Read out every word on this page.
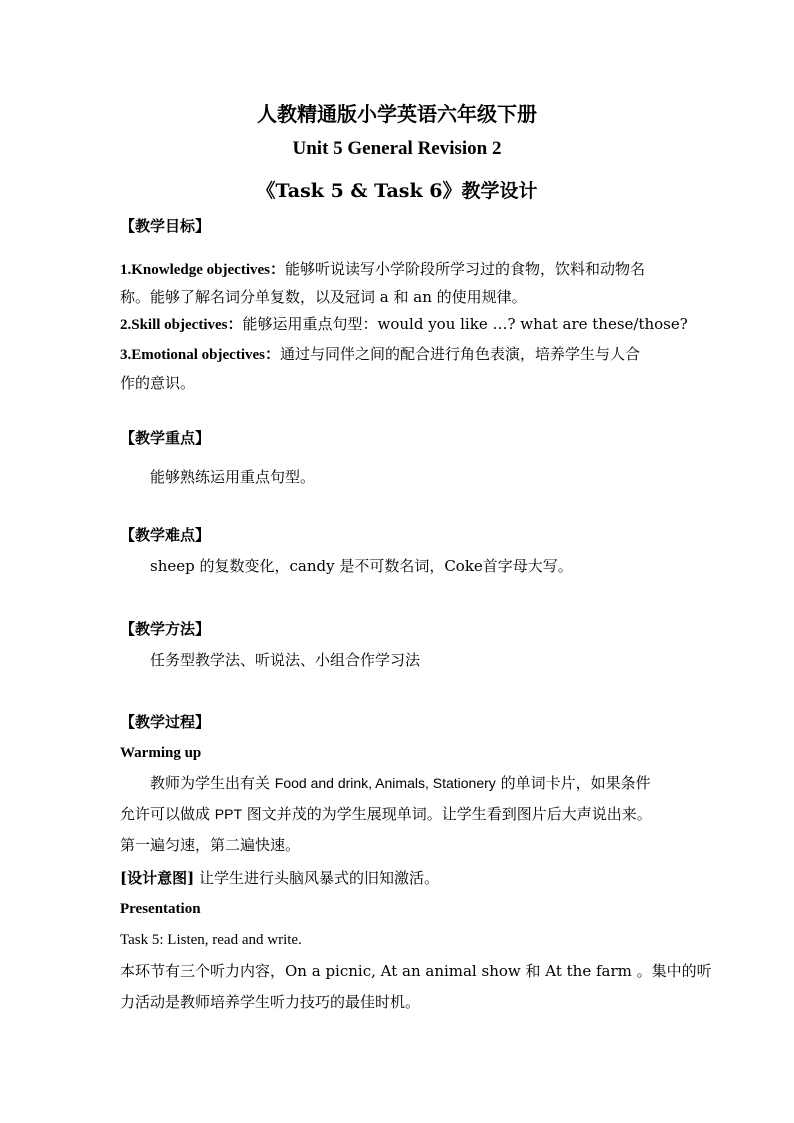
人教精通版小学英语六年级下册
Unit 5 General Revision 2
《Task 5 & Task 6》教学设计
【教学目标】
1.Knowledge objectives：能够听说读写小学阶段所学习过的食物，饮料和动物名
称。能够了解名词分单复数，以及冠词 a 和 an 的使用规律。
2.Skill objectives：能够运用重点句型：would you like …? what are these/those?
3.Emotional objectives：通过与同伴之间的配合进行角色表演，培养学生与人合
作的意识。
【教学重点】
能够熟练运用重点句型。
【教学难点】
sheep 的复数变化，candy 是不可数名词，Coke首字母大写。
【教学方法】
任务型教学法、听说法、小组合作学习法
【教学过程】
Warming up
教师为学生出有关 Food and drink, Animals, Stationery 的单词卡片，如果条件
允许可以做成 PPT 图文并茂的为学生展现单词。让学生看到图片后大声说出来。
第一遍匀速，第二遍快速。
[设计意图] 让学生进行头脑风暴式的旧知激活。
Presentation
Task 5: Listen, read and write.
本环节有三个听力内容，On a picnic, At an animal show 和 At the farm 。集中的听
力活动是教师培养学生听力技巧的最佳时机。
